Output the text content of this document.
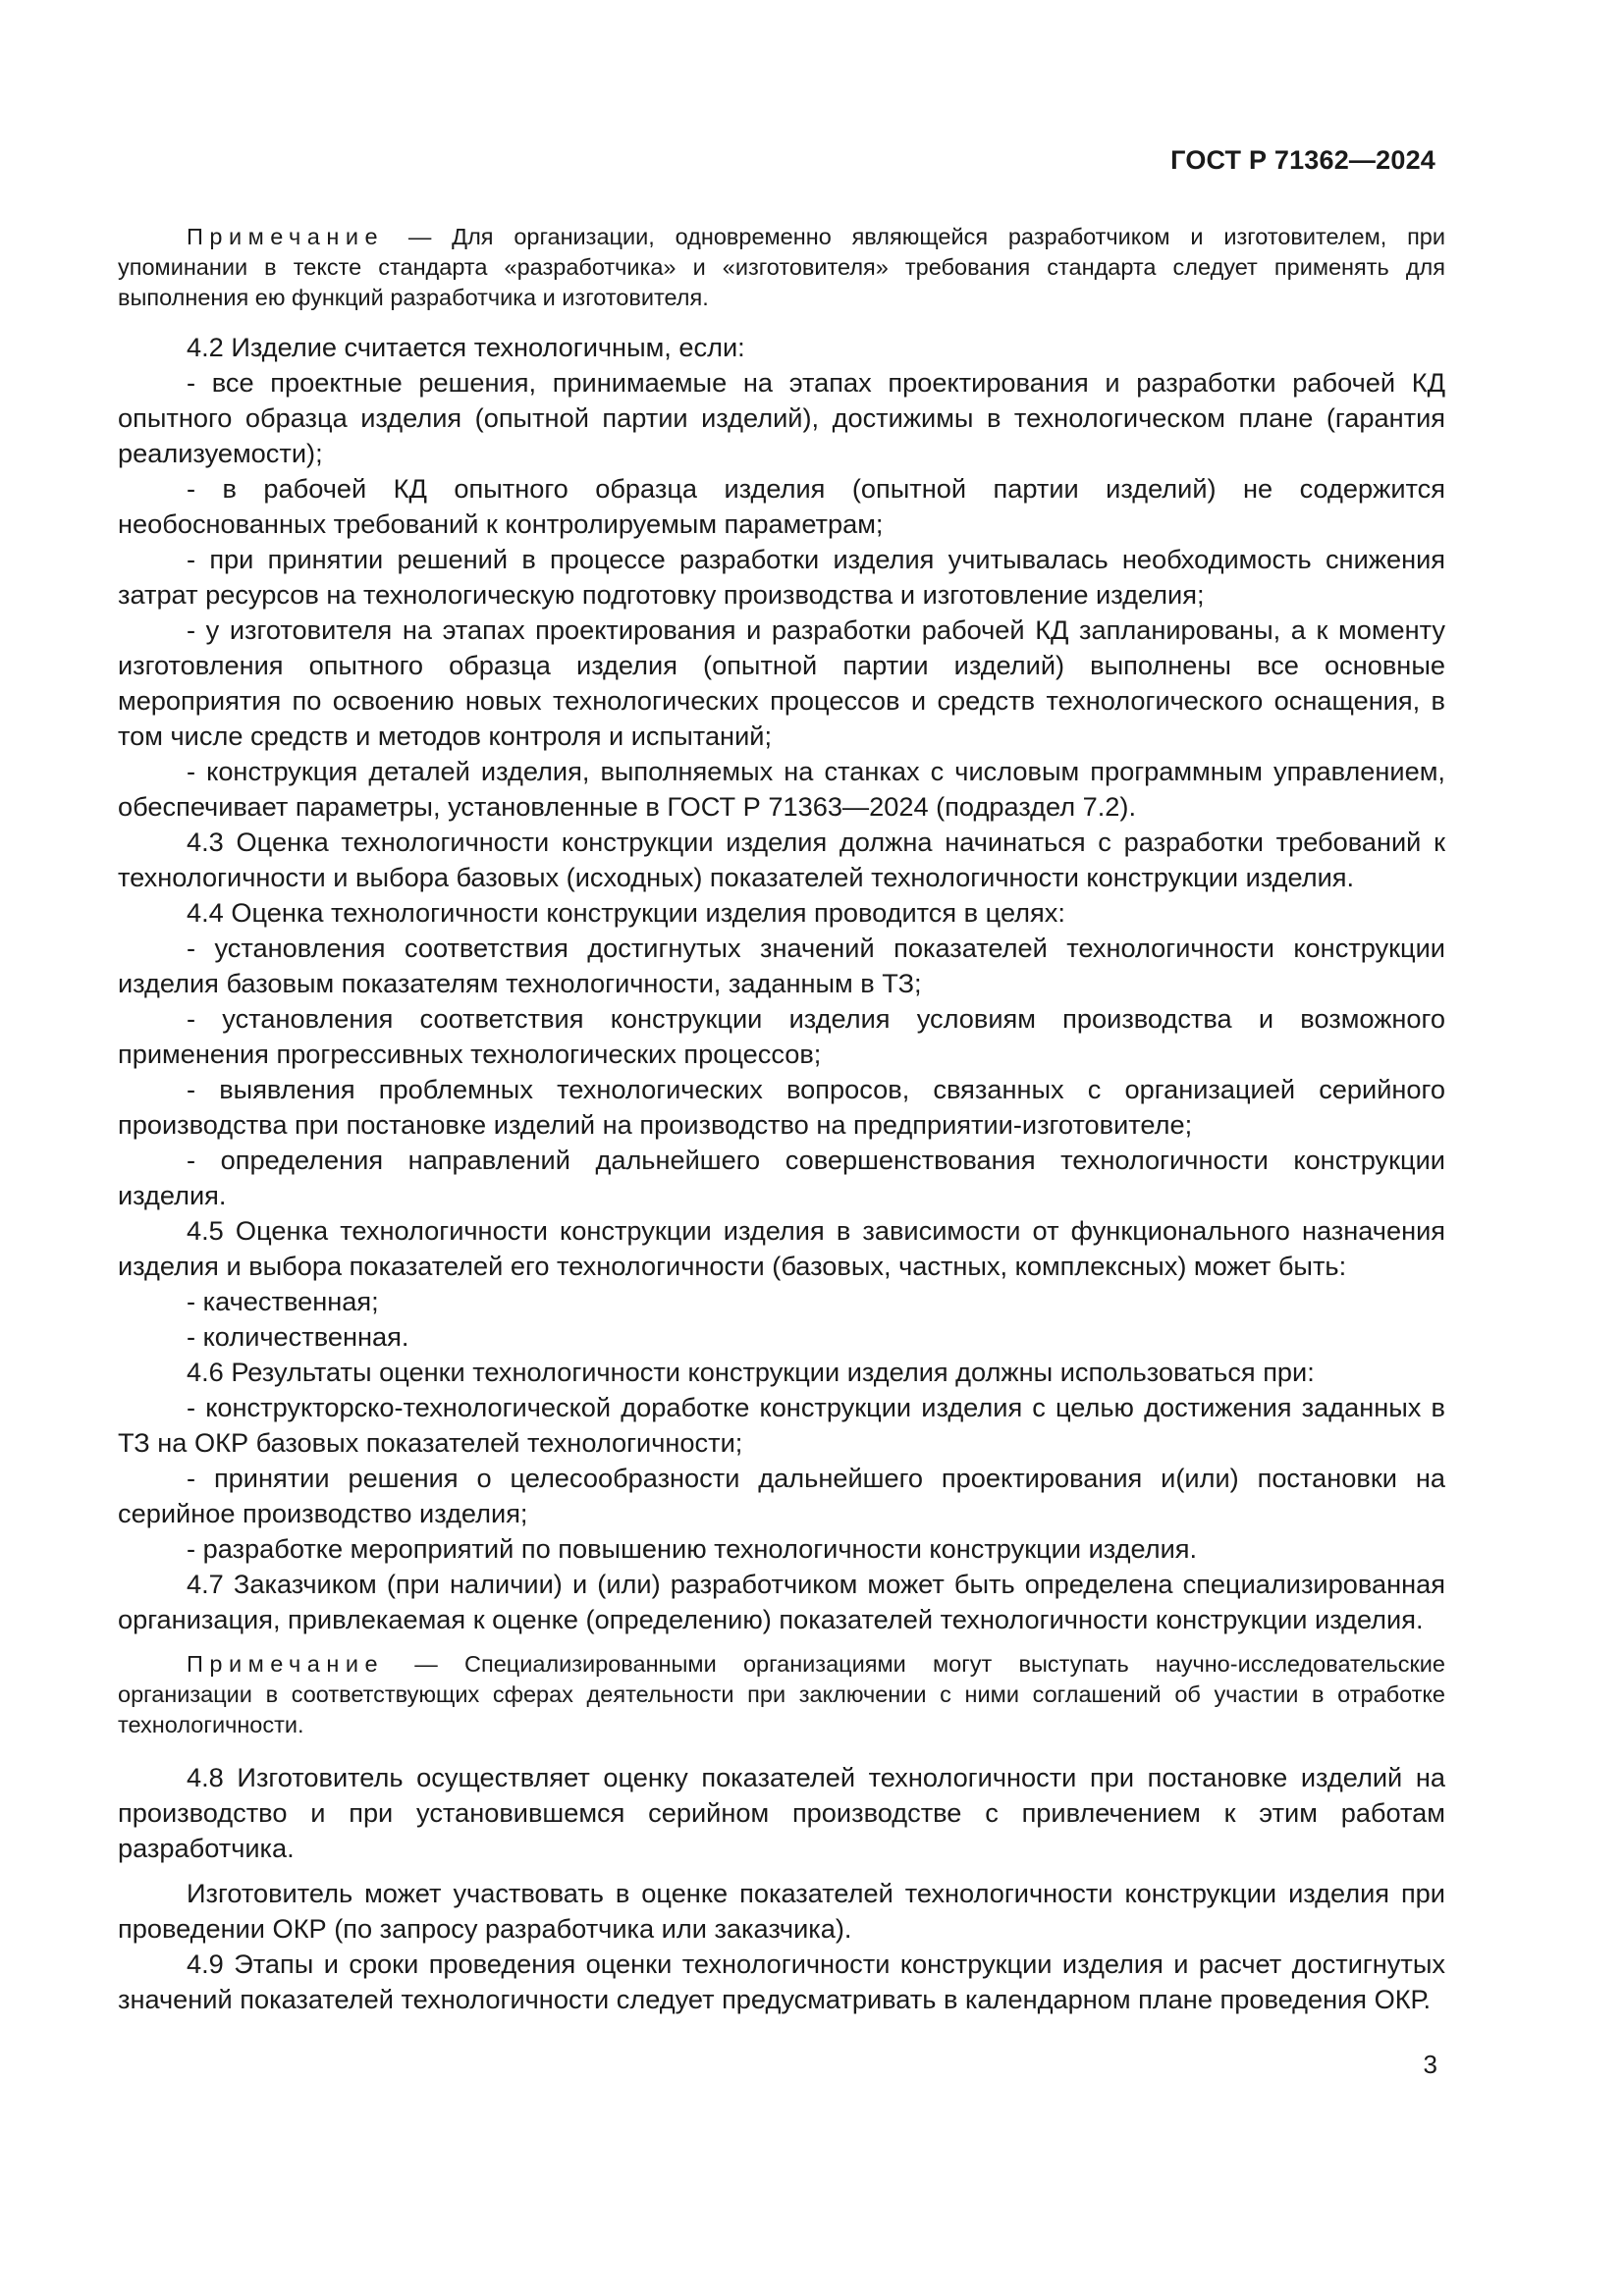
ГОСТ Р 71362—2024

Примечание — Для организации, одновременно являющейся разработчиком и изготовителем, при упоминании в тексте стандарта «разработчика» и «изготовителя» требования стандарта следует применять для выполнения ею функций разработчика и изготовителя.

4.2 Изделие считается технологичным, если:

- все проектные решения, принимаемые на этапах проектирования и разработки рабочей КД опытного образца изделия (опытной партии изделий), достижимы в технологическом плане (гарантия реализуемости);

- в рабочей КД опытного образца изделия (опытной партии изделий) не содержится необоснованных требований к контролируемым параметрам;

- при принятии решений в процессе разработки изделия учитывалась необходимость снижения затрат ресурсов на технологическую подготовку производства и изготовление изделия;

- у изготовителя на этапах проектирования и разработки рабочей КД запланированы, а к моменту изготовления опытного образца изделия (опытной партии изделий) выполнены все основные мероприятия по освоению новых технологических процессов и средств технологического оснащения, в том числе средств и методов контроля и испытаний;

- конструкция деталей изделия, выполняемых на станках с числовым программным управлением, обеспечивает параметры, установленные в ГОСТ Р 71363—2024 (подраздел 7.2).

4.3 Оценка технологичности конструкции изделия должна начинаться с разработки требований к технологичности и выбора базовых (исходных) показателей технологичности конструкции изделия.

4.4 Оценка технологичности конструкции изделия проводится в целях:

- установления соответствия достигнутых значений показателей технологичности конструкции изделия базовым показателям технологичности, заданным в ТЗ;

- установления соответствия конструкции изделия условиям производства и возможного применения прогрессивных технологических процессов;

- выявления проблемных технологических вопросов, связанных с организацией серийного производства при постановке изделий на производство на предприятии-изготовителе;

- определения направлений дальнейшего совершенствования технологичности конструкции изделия.

4.5 Оценка технологичности конструкции изделия в зависимости от функционального назначения изделия и выбора показателей его технологичности (базовых, частных, комплексных) может быть:

- качественная;

- количественная.

4.6 Результаты оценки технологичности конструкции изделия должны использоваться при:

- конструкторско-технологической доработке конструкции изделия с целью достижения заданных в ТЗ на ОКР базовых показателей технологичности;

- принятии решения о целесообразности дальнейшего проектирования и(или) постановки на серийное производство изделия;

- разработке мероприятий по повышению технологичности конструкции изделия.

4.7 Заказчиком (при наличии) и (или) разработчиком может быть определена специализированная организация, привлекаемая к оценке (определению) показателей технологичности конструкции изделия.

Примечание — Специализированными организациями могут выступать научно-исследовательские организации в соответствующих сферах деятельности при заключении с ними соглашений об участии в отработке технологичности.

4.8 Изготовитель осуществляет оценку показателей технологичности при постановке изделий на производство и при установившемся серийном производстве с привлечением к этим работам разработчика.

Изготовитель может участвовать в оценке показателей технологичности конструкции изделия при проведении ОКР (по запросу разработчика или заказчика).

4.9 Этапы и сроки проведения оценки технологичности конструкции изделия и расчет достигнутых значений показателей технологичности следует предусматривать в календарном плане проведения ОКР.

3
